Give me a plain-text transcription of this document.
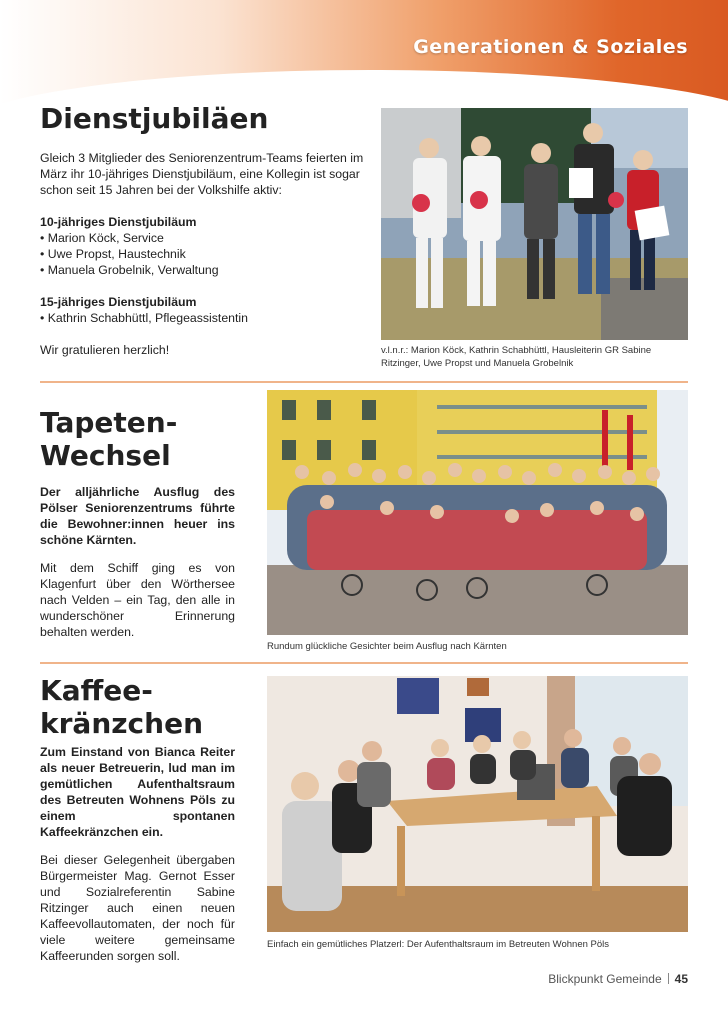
Generationen & Soziales
Dienstjubiläen

Gleich 3 Mitglieder des Seniorenzentrum-Teams feierten im März ihr 10-jähriges Dienstjubiläum, eine Kollegin ist sogar schon seit 15 Jahren bei der Volkshilfe aktiv:

10-jähriges Dienstjubiläum

• Marion Köck, Service

• Uwe Propst, Haustechnik

• Manuela Grobelnik, Verwaltung

15-jähriges Dienstjubiläum

• Kathrin Schabhüttl, Pflegeassistentin

Wir gratulieren herzlich!	v.l.n.r.: Marion Köck, Kathrin Schabhüttl, Hausleiterin GR Sabine Ritzinger, Uwe Propst und Manuela Grobelnik
Tapeten-
Wechsel

Der alljährliche Ausflug des Pölser Seniorenzentrums führte die Bewohner:innen heuer ins schöne Kärnten.

Mit dem Schiff ging es von Klagenfurt über den Wörthersee nach Velden – ein Tag, den alle in wunderschöner Erinnerung behalten werden.

Rundum glückliche Gesichter beim Ausflug nach Kärnten
Kaffee-
kränzchen

Zum Einstand von Bianca Reiter als neuer Betreuerin, lud man im gemütlichen Aufenthaltsraum des Betreuten Wohnens Pöls zu einem spontanen Kaffeekränzchen ein.

Bei dieser Gelegenheit übergaben Bürgermeister Mag. Gernot Esser und Sozialreferentin Sabine Ritzinger auch einen neuen Kaffeevollautomaten, der noch für viele weitere gemeinsame Kaffeerunden sorgen soll.

Einfach ein gemütliches Platzerl: Der Aufenthaltsraum im Betreuten Wohnen Pöls
Blickpunkt Gemeinde 45
